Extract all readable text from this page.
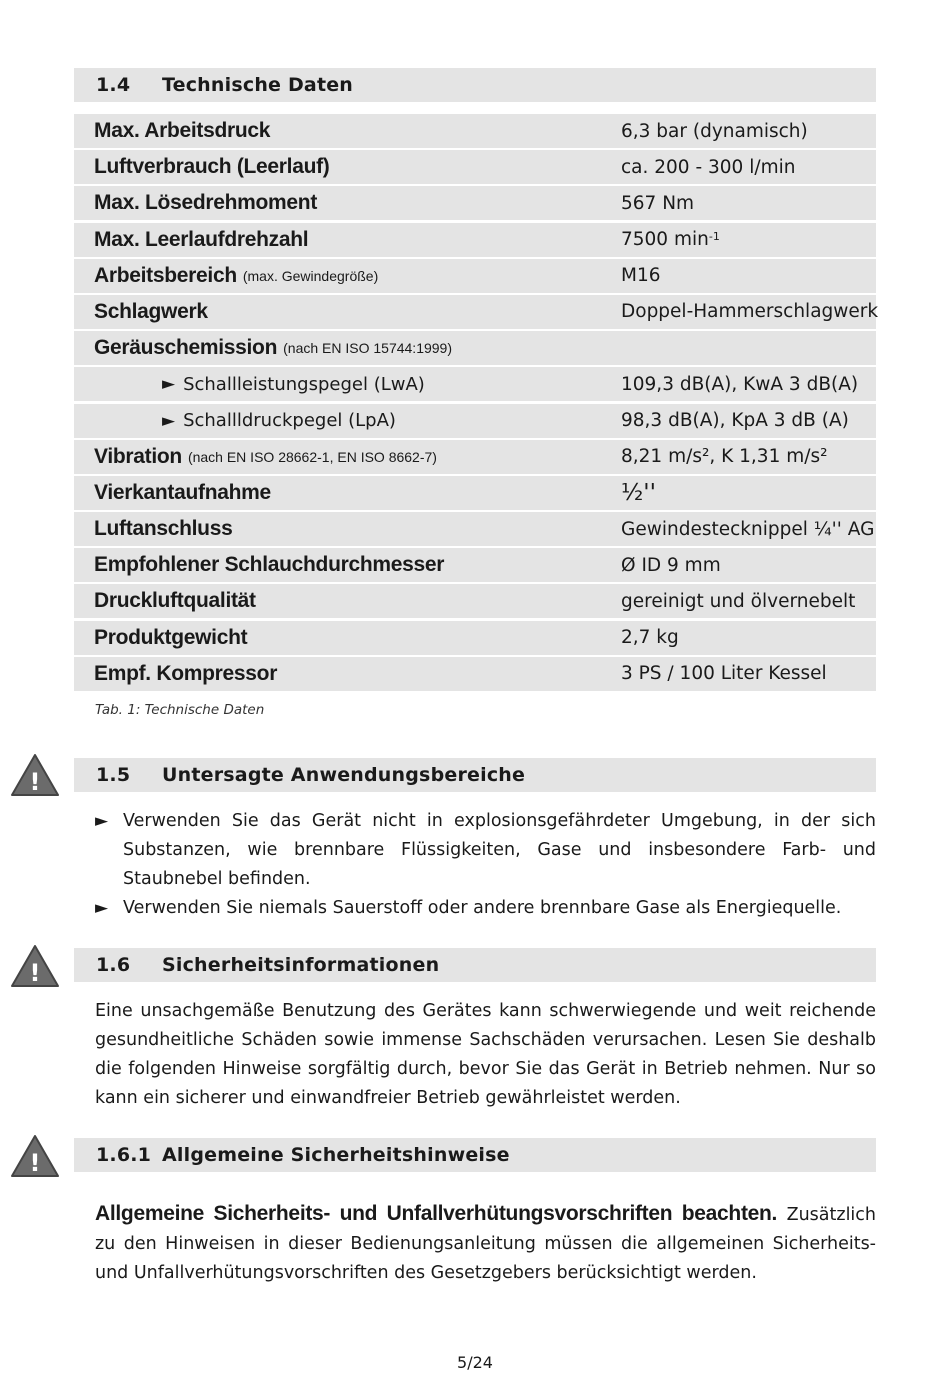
1.4	Technische Daten
Max. Arbeitsdruck	6,3 bar (dynamisch)
Luftverbrauch (Leerlauf)	ca. 200 - 300 l/min
Max. Lösedrehmoment	567 Nm
Max. Leerlaufdrehzahl	7500 $\min^{-1}$
Arbeitsbereich (max. Gewindegröße)	M16
Schlagwerk	Doppel-Hammerschlagwerk
Geräuschemission (nach EN ISO 15744:1999)
► Schallleistungspegel (LwA)	109,3 dB(A), KwA 3 dB(A)
► Schallldruckpegel (LpA)	98,3 dB(A), KpA 3 dB (A)
Vibration (nach EN ISO 28662-1, EN ISO 8662-7)	8,21 m/s², K 1,31 m/s²
Vierkantaufnahme	½''
Luftanschluss	Gewindestecknippel ¼'' AG
Empfohlener Schlauchdurchmesser	Ø ID 9 mm
Druckluftqualität	gereinigt und ölvernebelt
Produktgewicht	2,7 kg
Empf. Kompressor	3 PS / 100 Liter Kessel
Tab. 1: Technische Daten
!	1.5	Untersagte Anwendungsbereiche
► Verwenden Sie das Gerät nicht in explosionsgefährdeter Umgebung, in der sich Substanzen, wie brennbare Flüssigkeiten, Gase und insbesondere Farb- und Staubnebel befinden.
► Verwenden Sie niemals Sauerstoff oder andere brennbare Gase als Energiequelle.
!	1.6	Sicherheitsinformationen
Eine unsachgemäße Benutzung des Gerätes kann schwerwiegende und weit reichende gesundheitliche Schäden sowie immense Sachschäden verursachen. Lesen Sie deshalb die folgenden Hinweise sorgfältig durch, bevor Sie das Gerät in Betrieb nehmen. Nur so kann ein sicherer und einwandfreier Betrieb gewährleistet werden.
!	1.6.1 Allgemeine Sicherheitshinweise
Allgemeine Sicherheits- und Unfallverhütungsvorschriften beachten. Zusätzlich zu den Hinweisen in dieser Bedienungsanleitung müssen die allgemeinen Sicherheits- und Unfallverhütungsvorschriften des Gesetzgebers berücksichtigt werden.
5/24
